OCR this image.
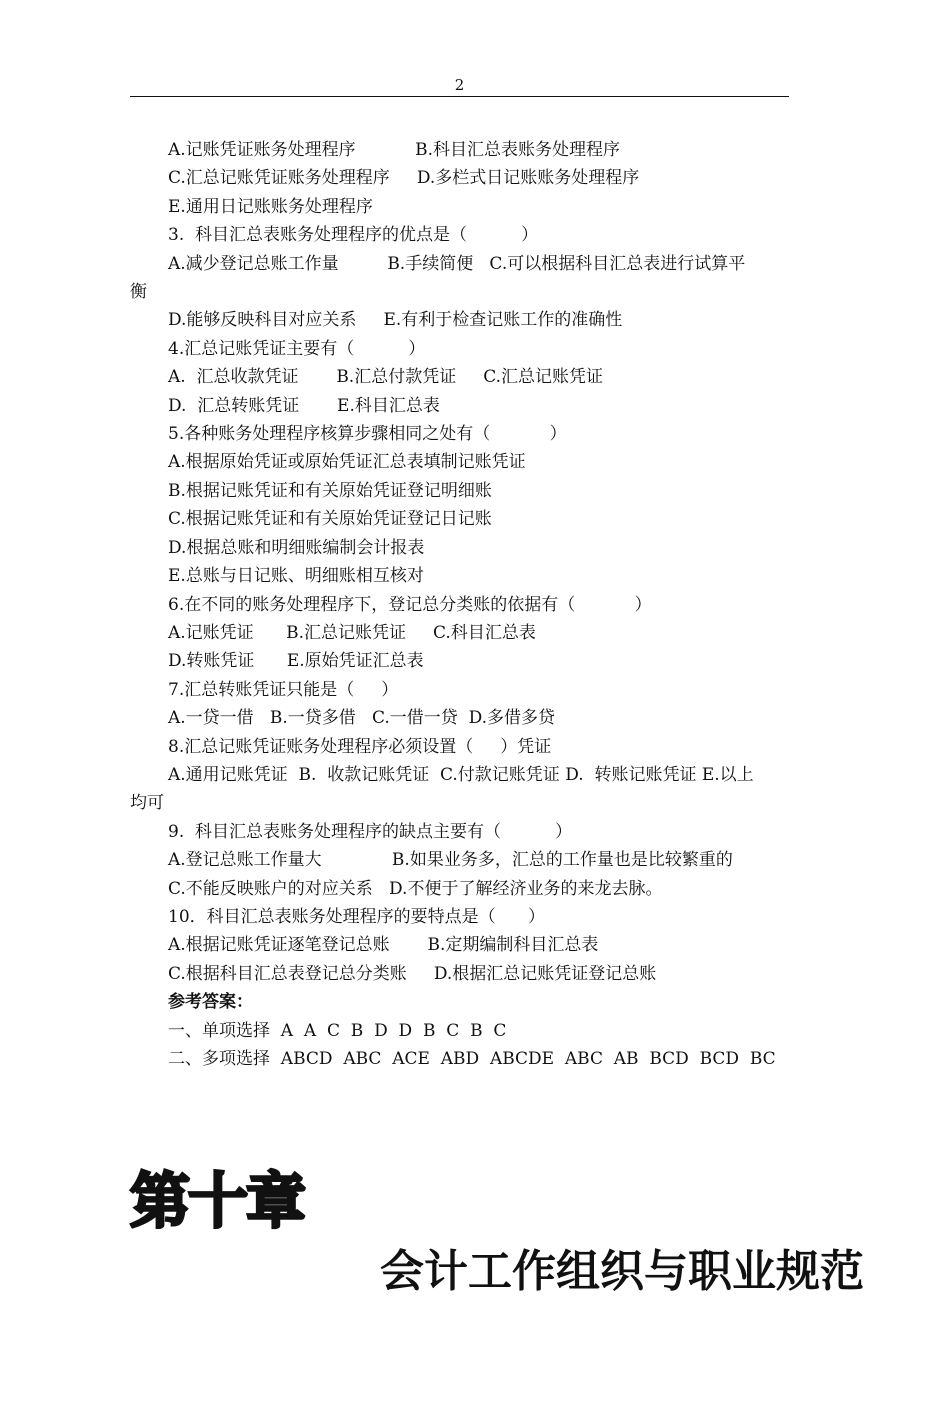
2
A.记账凭证账务处理程序           B.科目汇总表账务处理程序
C.汇总记账凭证账务处理程序     D.多栏式日记账账务处理程序
E.通用日记账账务处理程序
3.  科目汇总表账务处理程序的优点是（          ）
A.减少登记总账工作量         B.手续简便   C.可以根据科目汇总表进行试算平
衡
D.能够反映科目对应关系     E.有利于检查记账工作的准确性
4.汇总记账凭证主要有（          ）
A.  汇总收款凭证       B.汇总付款凭证     C.汇总记账凭证
D.  汇总转账凭证       E.科目汇总表
5.各种账务处理程序核算步骤相同之处有（           ）
A.根据原始凭证或原始凭证汇总表填制记账凭证
B.根据记账凭证和有关原始凭证登记明细账
C.根据记账凭证和有关原始凭证登记日记账
D.根据总账和明细账编制会计报表
E.总账与日记账、明细账相互核对
6.在不同的账务处理程序下，登记总分类账的依据有（           ）
A.记账凭证      B.汇总记账凭证     C.科目汇总表
D.转账凭证      E.原始凭证汇总表
7.汇总转账凭证只能是（     ）
A.一贷一借   B.一贷多借   C.一借一贷  D.多借多贷
8.汇总记账凭证账务处理程序必须设置（     ）凭证
A.通用记账凭证  B.  收款记账凭证  C.付款记账凭证 D.  转账记账凭证 E.以上
均可
9.  科目汇总表账务处理程序的缺点主要有（          ）
A.登记总账工作量大             B.如果业务多，汇总的工作量也是比较繁重的
C.不能反映账户的对应关系   D.不便于了解经济业务的来龙去脉。
10．科目汇总表账务处理程序的要特点是（      ）
A.根据记账凭证逐笔登记总账       B.定期编制科目汇总表
C.根据科目汇总表登记总分类账     D.根据汇总记账凭证登记总账
参考答案：
一、单项选择  A  A  C  B  D  D  B  C  B  C
二、多项选择  ABCD  ABC  ACE  ABD  ABCDE  ABC  AB  BCD  BCD  BC
第十章
会计工作组织与职业规范
